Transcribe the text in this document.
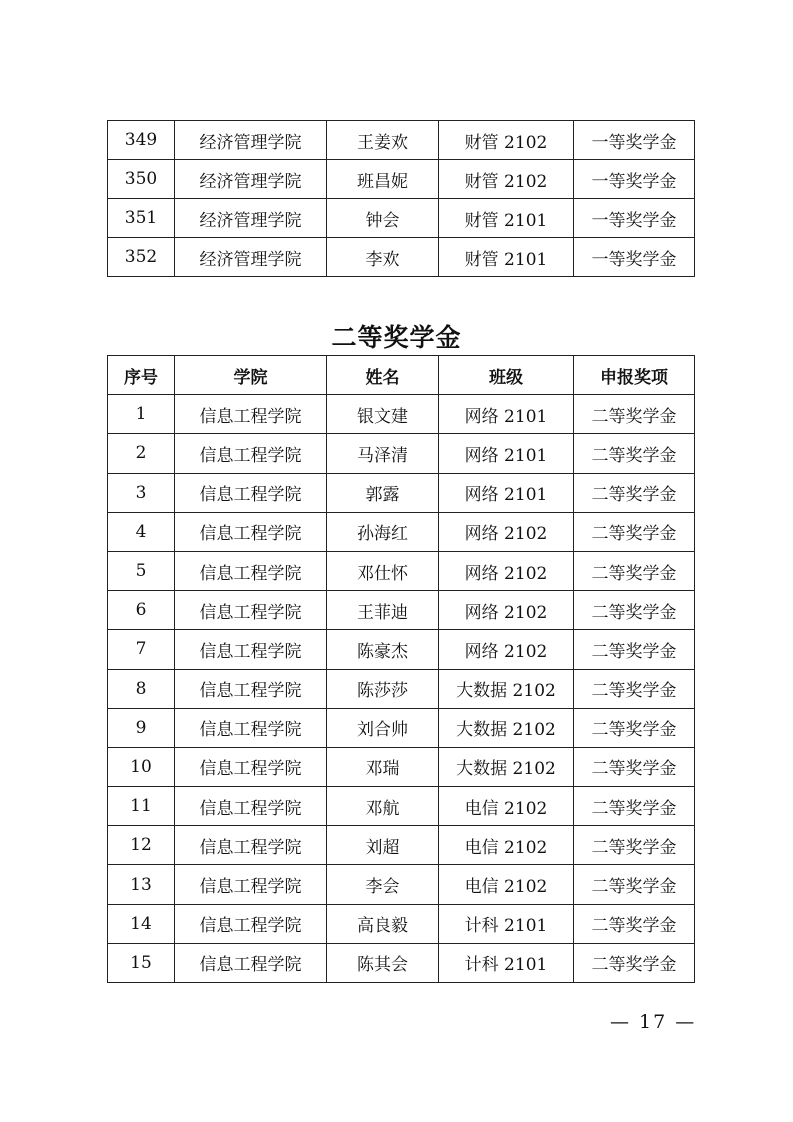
349	经济管理学院	王姜欢	财管 2102	一等奖学金
350	经济管理学院	班昌妮	财管 2102	一等奖学金
351	经济管理学院	钟会	财管 2101	一等奖学金
352	经济管理学院	李欢	财管 2101	一等奖学金
二等奖学金
序号	学院	姓名	班级	申报奖项
1	信息工程学院	银文建	网络 2101	二等奖学金
2	信息工程学院	马泽清	网络 2101	二等奖学金
3	信息工程学院	郭露	网络 2101	二等奖学金
4	信息工程学院	孙海红	网络 2102	二等奖学金
5	信息工程学院	邓仕怀	网络 2102	二等奖学金
6	信息工程学院	王菲迪	网络 2102	二等奖学金
7	信息工程学院	陈豪杰	网络 2102	二等奖学金
8	信息工程学院	陈莎莎	大数据 2102	二等奖学金
9	信息工程学院	刘合帅	大数据 2102	二等奖学金
10	信息工程学院	邓瑞	大数据 2102	二等奖学金
11	信息工程学院	邓航	电信 2102	二等奖学金
12	信息工程学院	刘超	电信 2102	二等奖学金
13	信息工程学院	李会	电信 2102	二等奖学金
14	信息工程学院	高良毅	计科 2101	二等奖学金
15	信息工程学院	陈其会	计科 2101	二等奖学金
— 17 —
